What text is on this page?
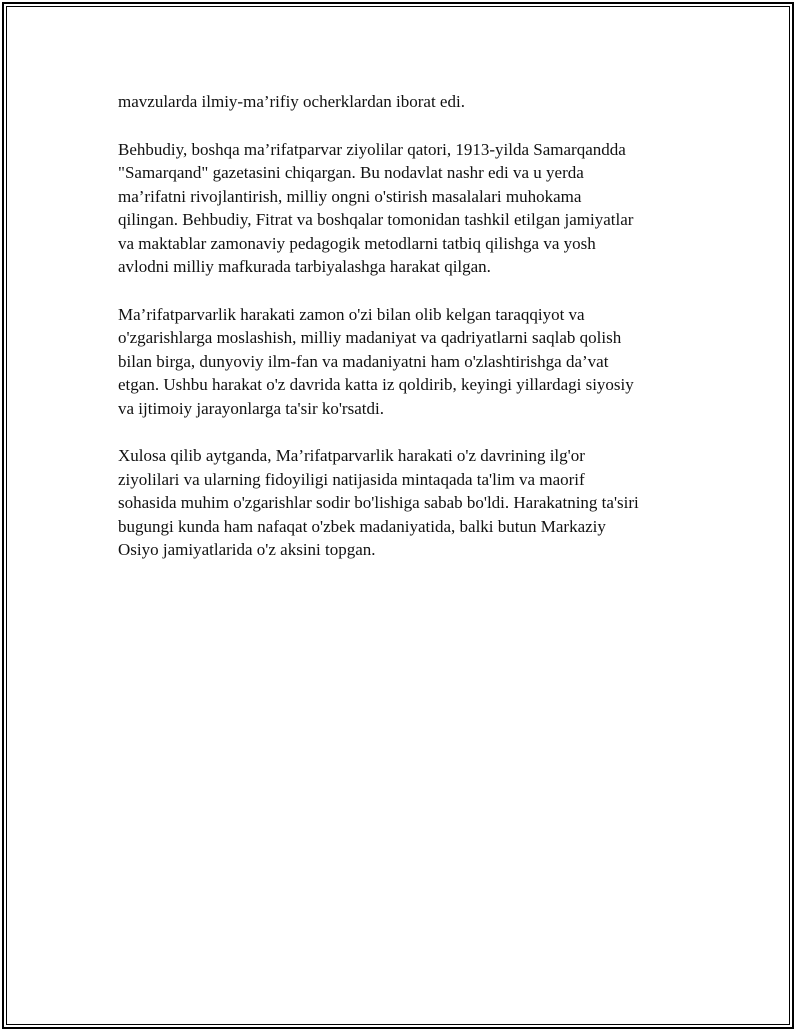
mavzularda ilmiy-ma’rifiy ocherklardan iborat edi.

Behbudiy, boshqa ma’rifatparvar ziyolilar qatori, 1913-yilda Samarqandda
"Samarqand" gazetasini chiqargan. Bu nodavlat nashr edi va u yerda
ma’rifatni rivojlantirish, milliy ongni o'stirish masalalari muhokama
qilingan. Behbudiy, Fitrat va boshqalar tomonidan tashkil etilgan jamiyatlar
va maktablar zamonaviy pedagogik metodlarni tatbiq qilishga va yosh
avlodni milliy mafkurada tarbiyalashga harakat qilgan.

Ma’rifatparvarlik harakati zamon o'zi bilan olib kelgan taraqqiyot va
o'zgarishlarga moslashish, milliy madaniyat va qadriyatlarni saqlab qolish
bilan birga, dunyoviy ilm-fan va madaniyatni ham o'zlashtirishga da’vat
etgan. Ushbu harakat o'z davrida katta iz qoldirib, keyingi yillardagi siyosiy
va ijtimoiy jarayonlarga ta'sir ko'rsatdi.

Xulosa qilib aytganda, Ma’rifatparvarlik harakati o'z davrining ilg'or
ziyolilari va ularning fidoyiligi natijasida mintaqada ta'lim va maorif
sohasida muhim o'zgarishlar sodir bo'lishiga sabab bo'ldi. Harakatning ta'siri
bugungi kunda ham nafaqat o'zbek madaniyatida, balki butun Markaziy
Osiyo jamiyatlarida o'z aksini topgan.
